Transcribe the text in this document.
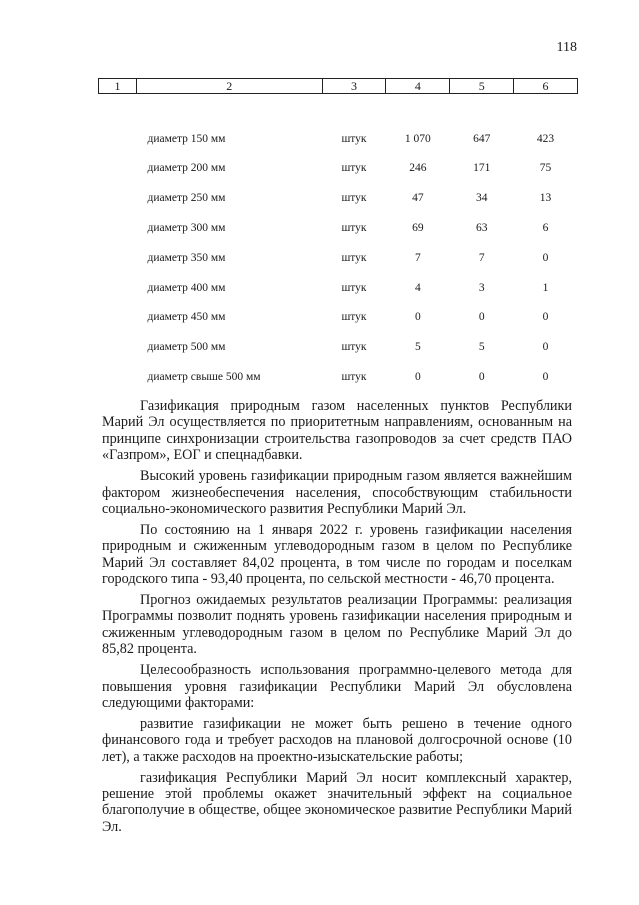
118
1	2	3	4	5	6

диаметр 150 мм		штук	1 070	647	423
диаметр 200 мм		штук	246	171	75
диаметр 250 мм		штук	47	34	13
диаметр 300 мм		штук	69	63	6
диаметр 350 мм		штук	7	7	0
диаметр 400 мм		штук	4	3	1
диаметр 450 мм		штук	0	0	0
диаметр 500 мм		штук	5	5	0
диаметр свыше 500 мм		штук	0	0	0

Газификация природным газом населенных пунктов Республики Марий Эл осуществляется по приоритетным направлениям, основанным на принципе синхронизации строительства газопроводов за счет средств ПАО «Газпром», ЕОГ и спецнадбавки.

Высокий уровень газификации природным газом является важнейшим фактором жизнеобеспечения населения, способствующим стабильности социально-экономического развития Республики Марий Эл.

По состоянию на 1 января 2022 г. уровень газификации населения природным и сжиженным углеводородным газом в целом по Республике Марий Эл составляет 84,02 процента, в том числе по городам и поселкам городского типа - 93,40 процента, по сельской местности - 46,70 процента.

Прогноз ожидаемых результатов реализации Программы: реализация Программы позволит поднять уровень газификации населения природным и сжиженным углеводородным газом в целом по Республике Марий Эл до 85,82 процента.

Целесообразность использования программно-целевого метода для повышения уровня газификации Республики Марий Эл обусловлена следующими факторами:

развитие газификации не может быть решено в течение одного финансового года и требует расходов на плановой долгосрочной основе (10 лет), а также расходов на проектно-изыскательские работы;

газификация Республики Марий Эл носит комплексный характер, решение этой проблемы окажет значительный эффект на социальное благополучие в обществе, общее экономическое развитие Республики Марий Эл.
